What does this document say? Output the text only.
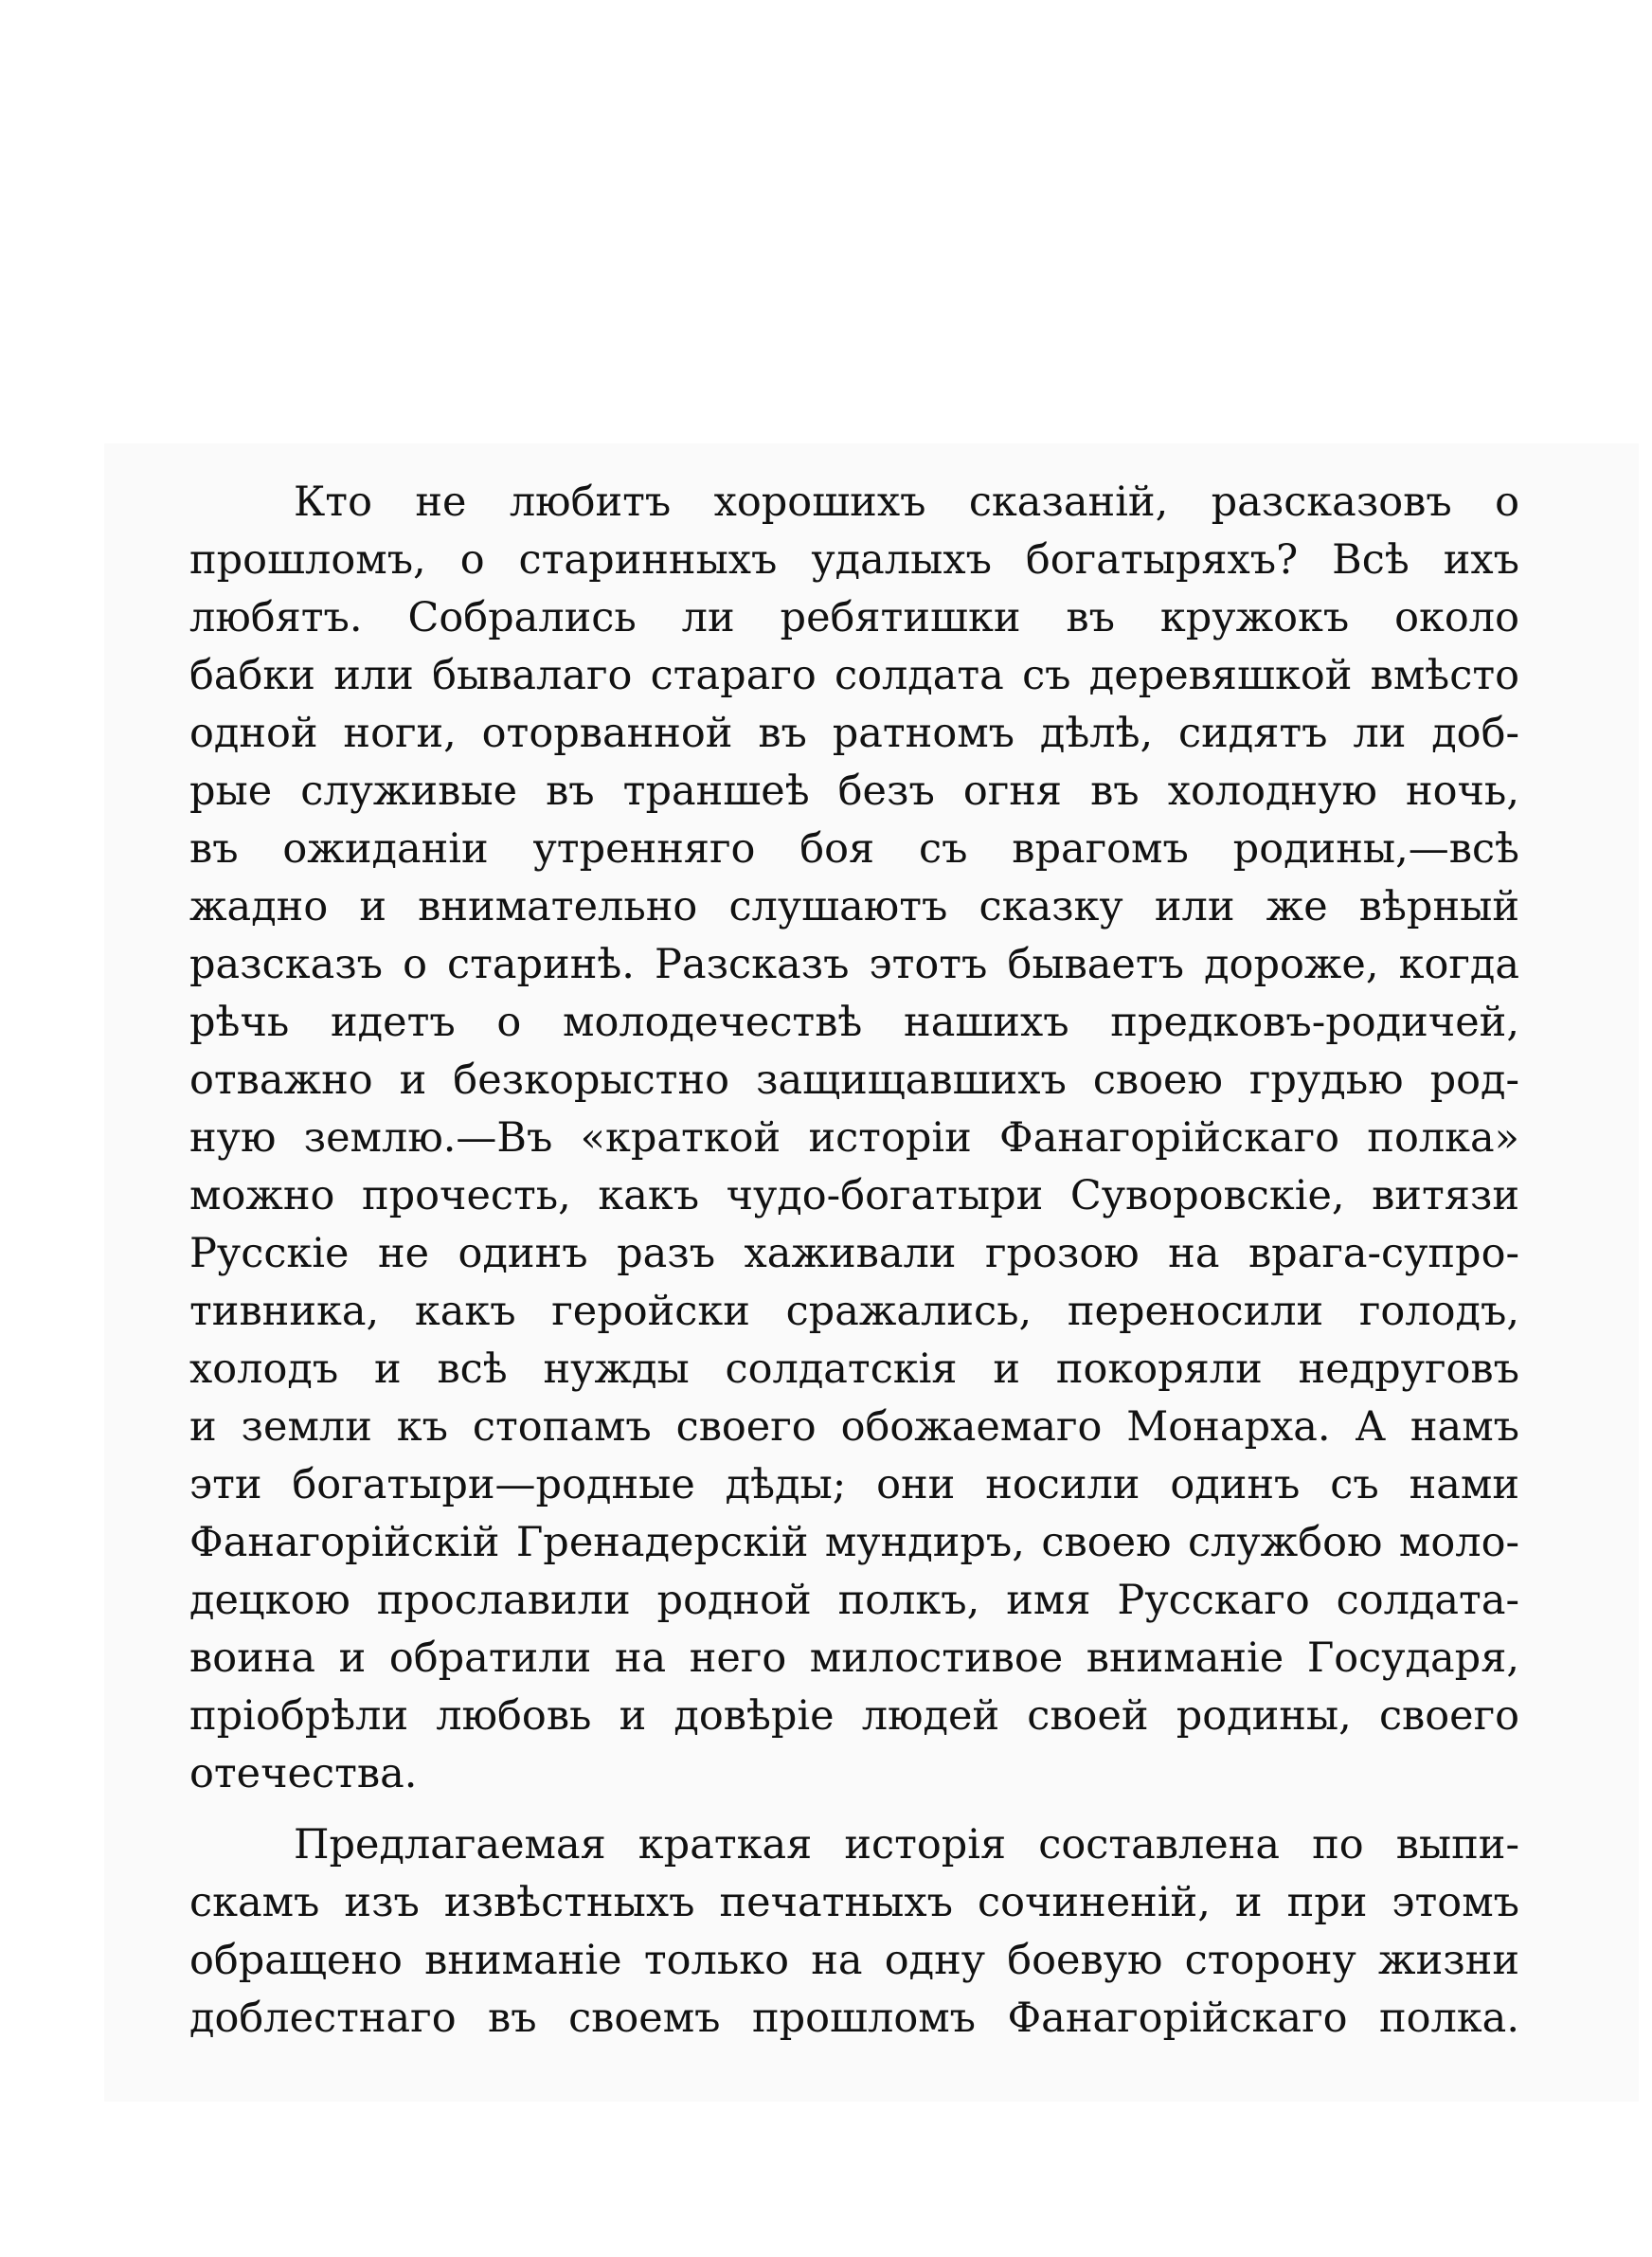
Кто не любитъ хорошихъ сказаній, разсказовъ о
прошломъ, о старинныхъ удалыхъ богатыряхъ? Всѣ ихъ
любятъ. Собрались ли ребятишки въ кружокъ около
бабки или бывалаго стараго солдата съ деревяшкой вмѣсто
одной ноги, оторванной въ ратномъ дѣлѣ, сидятъ ли доб-
рые служивые въ траншеѣ безъ огня въ холодную ночь,
въ ожиданіи утренняго боя съ врагомъ родины,—всѣ
жадно и внимательно слушаютъ сказку или же вѣрный
разсказъ о старинѣ. Разсказъ этотъ бываетъ дороже, когда
рѣчь идетъ о молодечествѣ нашихъ предковъ-родичей,
отважно и безкорыстно защищавшихъ своею грудью род-
ную землю.—Въ «краткой исторіи Фанагорійскаго полка»
можно прочесть, какъ чудо-богатыри Суворовскіе, витязи
Русскіе не одинъ разъ хаживали грозою на врага-супро-
тивника, какъ геройски сражались, переносили голодъ,
холодъ и всѣ нужды солдатскія и покоряли недруговъ
и земли къ стопамъ своего обожаемаго Монарха. А намъ
эти богатыри—родные дѣды; они носили одинъ съ нами
Фанагорійскій Гренадерскій мундиръ, своею службою моло-
децкою прославили родной полкъ, имя Русскаго солдата-
воина и обратили на него милостивое вниманіе Государя,
пріобрѣли любовь и довѣріе людей своей родины, своего
отечества.
Предлагаемая краткая исторія составлена по выпи-
скамъ изъ извѣстныхъ печатныхъ сочиненій, и при этомъ
обращено вниманіе только на одну боевую сторону жизни
доблестнаго въ своемъ прошломъ Фанагорійскаго полка.
